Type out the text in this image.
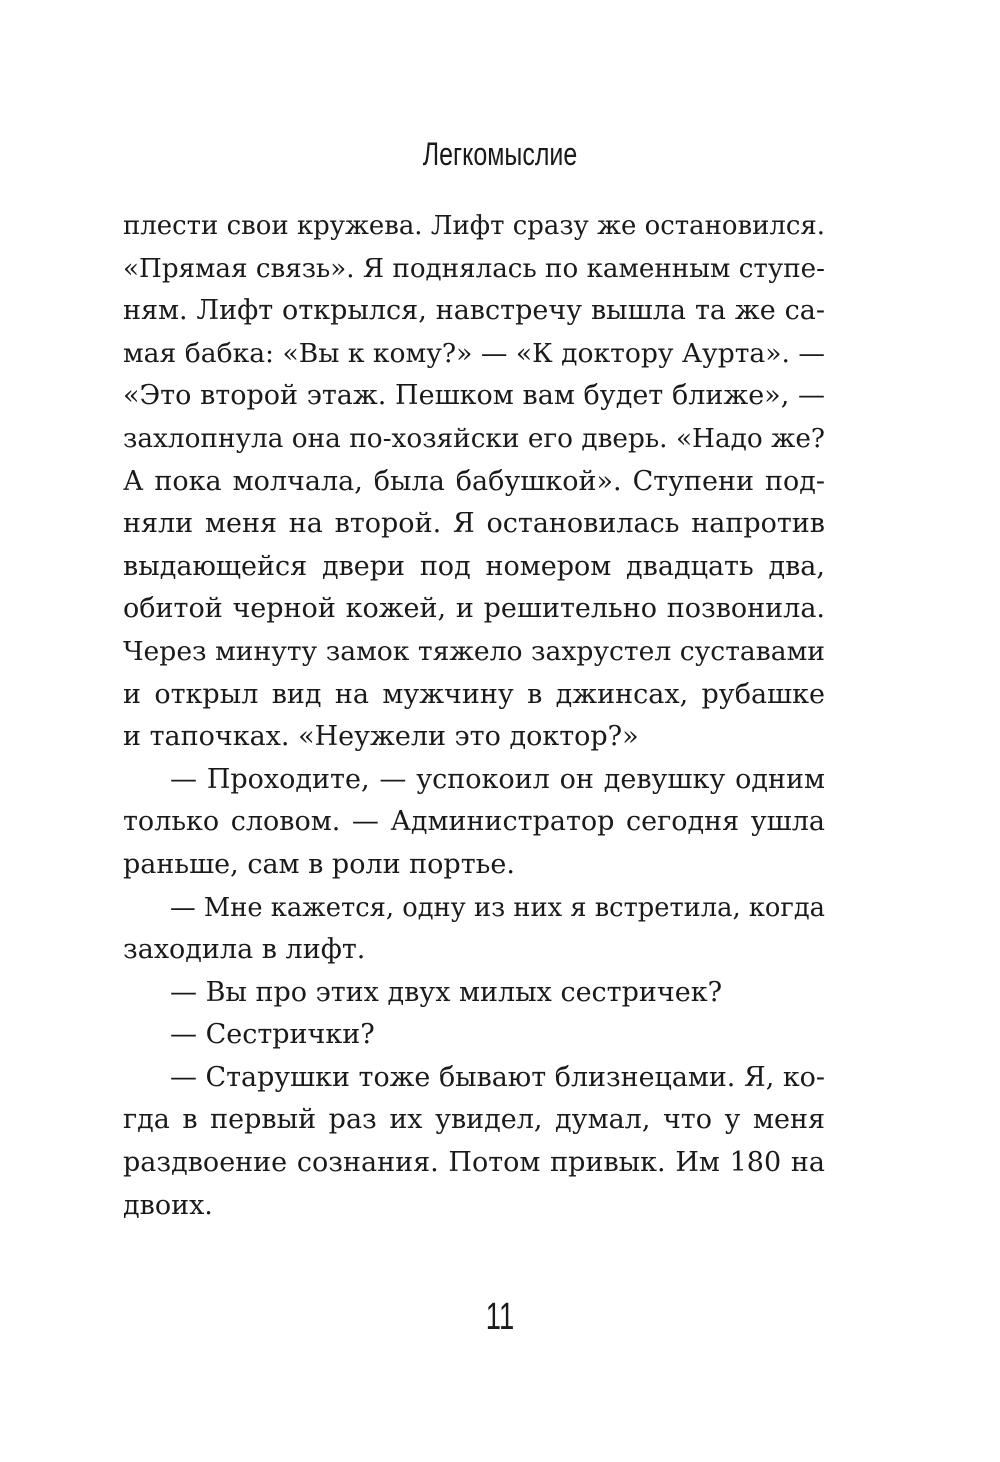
Легкомыслие
плести свои кружева. Лифт сразу же остановился.
«Прямая связь». Я поднялась по каменным ступе-
ням. Лифт открылся, навстречу вышла та же са-
мая бабка: «Вы к кому?» — «К доктору Аурта». —
«Это второй этаж. Пешком вам будет ближе», —
захлопнула она по-хозяйски его дверь. «Надо же?
А пока молчала, была бабушкой». Ступени под-
няли меня на второй. Я остановилась напротив
выдающейся двери под номером двадцать два,
обитой черной кожей, и решительно позвонила.
Через минуту замок тяжело захрустел суставами
и открыл вид на мужчину в джинсах, рубашке
и тапочках. «Неужели это доктор?»
— Проходите, — успокоил он девушку одним
только словом. — Администратор сегодня ушла
раньше, сам в роли портье.
— Мне кажется, одну из них я встретила, когда
заходила в лифт.
— Вы про этих двух милых сестричек?
— Сестрички?
— Старушки тоже бывают близнецами. Я, ко-
гда в первый раз их увидел, думал, что у меня
раздвоение сознания. Потом привык. Им 180 на
двоих.
11
